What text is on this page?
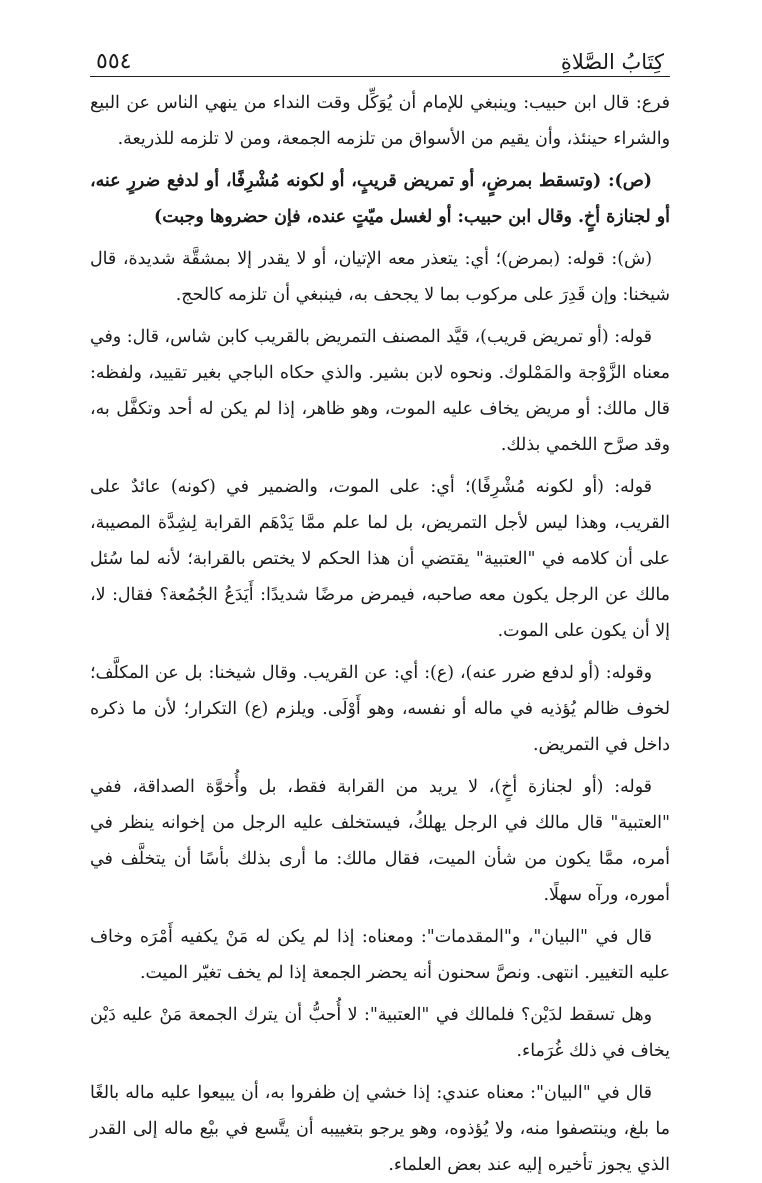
كِتَابُ الصَّلاةِ
٥٥٤

فرع: قال ابن حبيب: وينبغي للإمام أن يُوَكِّل وقت النداء من ينهي الناس عن البيع والشراء حينئذ، وأن يقيم من الأسواق من تلزمه الجمعة، ومن لا تلزمه للذريعة.

(ص): (وتسقط بمرضٍ، أو تمريض قريبٍ، أو لكونه مُشْرِفًا، أو لدفع ضررٍ عنه، أو لجنازة أخٍ. وقال ابن حبيب: أو لغسل ميّتٍ عنده، فإن حضروها وجبت)

(ش): قوله: (بمرض)؛ أي: يتعذر معه الإتيان، أو لا يقدر إلا بمشقَّة شديدة، قال شيخنا: وإن قَدِرَ على مركوب بما لا يجحف به، فينبغي أن تلزمه كالحج.

قوله: (أو تمريض قريب)، قيَّد المصنف التمريض بالقريب كابن شاس، قال: وفي معناه الزَّوْجة والمَمْلوك. ونحوه لابن بشير. والذي حكاه الباجي بغير تقييد، ولفظه: قال مالك: أو مريض يخاف عليه الموت، وهو ظاهر، إذا لم يكن له أحد وتكفَّل به، وقد صرَّح اللخمي بذلك.

قوله: (أو لكونه مُشْرِفًا)؛ أي: على الموت، والضمير في (كونه) عائدٌ على القريب، وهذا ليس لأجل التمريض، بل لما علم ممَّا يَدْهَم القرابة لِشِدَّة المصيبة، على أن كلامه في "العتبية" يقتضي أن هذا الحكم لا يختص بالقرابة؛ لأنه لما سُئل مالك عن الرجل يكون معه صاحبه، فيمرض مرضًا شديدًا: أَيَدَعُ الجُمُعة؟ فقال: لا، إلا أن يكون على الموت.

وقوله: (أو لدفع ضرر عنه)، (ع): أي: عن القريب. وقال شيخنا: بل عن المكلَّف؛ لخوف ظالم يُؤذيه في ماله أو نفسه، وهو أَوْلَى. ويلزم (ع) التكرار؛ لأن ما ذكره داخل في التمريض.

قوله: (أو لجنازة أخٍ)، لا يريد من القرابة فقط، بل وأُخوَّة الصداقة، ففي "العتبية" قال مالك في الرجل يهلكُ، فيستخلف عليه الرجل من إخوانه ينظر في أمره، ممَّا يكون من شأن الميت، فقال مالك: ما أرى بذلك بأسًا أن يتخلَّف في أموره، ورآه سهلًا.

قال في "البيان"، و"المقدمات": ومعناه: إذا لم يكن له مَنْ يكفيه أَمْرَه وخاف عليه التغيير. انتهى. ونصَّ سحنون أنه يحضر الجمعة إذا لم يخف تغيّر الميت.

وهل تسقط لدَيْن؟ فلمالك في "العتبية": لا أُحبُّ أن يترك الجمعة مَنْ عليه دَيْن يخاف في ذلك غُرَماء.

قال في "البيان": معناه عندي: إذا خشي إن ظفروا به، أن يبيعوا عليه ماله بالغًا ما بلغ، وينتصفوا منه، ولا يُؤذوه، وهو يرجو بتغييبه أن يتَّسع في بيْع ماله إلى القدر الذي يجوز تأخيره إليه عند بعض العلماء.
